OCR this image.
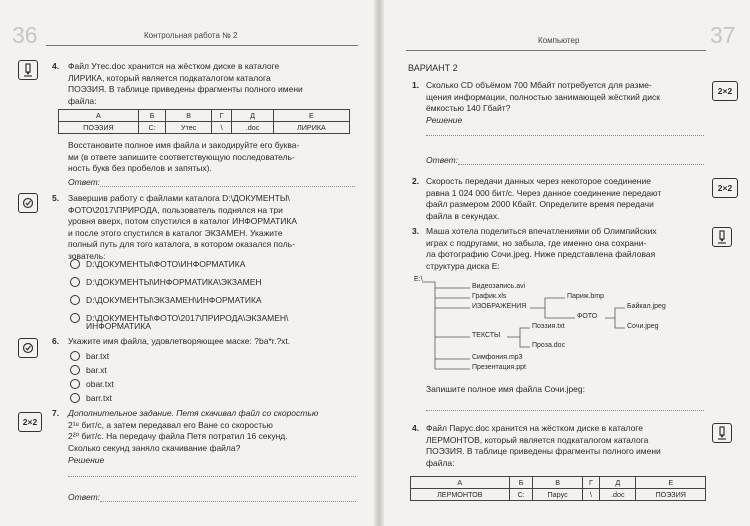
36	Контрольная работа № 2
4. Файл Утес.doc хранится на жёстком диске в каталоге
ЛИРИКА, который является подкаталогом каталога
ПОЭЗИЯ. В таблице приведены фрагменты полного имени
файла:
А	Б	В	Г	Д	Е
ПОЭЗИЯ	C:	Утес	\	.doc	ЛИРИКА
Восстановите полное имя файла и закодируйте его буква-
ми (в ответе запишите соответствующую последователь-
ность букв без пробелов и запятых).
Ответ:
5. Завершив работу с файлами каталога D:\ДОКУМЕНТЫ\
ФОТО\2017\ПРИРОДА, пользователь поднялся на три
уровня вверх, потом спустился в каталог ИНФОРМАТИКА
и после этого спустился в каталог ЭКЗАМЕН. Укажите
полный путь для того каталога, в котором оказался поль-
зователь:
D:\ДОКУМЕНТЫ\ФОТО\ИНФОРМАТИКА
D:\ДОКУМЕНТЫ\ИНФОРМАТИКА\ЭКЗАМЕН
D:\ДОКУМЕНТЫ\ЭКЗАМЕН\ИНФОРМАТИКА
D:\ДОКУМЕНТЫ\ФОТО\2017\ПРИРОДА\ЭКЗАМЕН\
ИНФОРМАТИКА
6. Укажите имя файла, удовлетворяющее маске: ?ba*r.?xt.
bar.txt
bar.xt
obar.txt
barr.txt
2×2
7. Дополнительное задание. Петя скачивал файл со скоростью
2¹⁸ бит/с, а затем передавал его Ване со скоростью
2²⁰ бит/с. На передачу файла Петя потратил 16 секунд.
Сколько секунд заняло скачивание файла?
Решение
Ответ:
37
Компьютер
ВАРИАНТ 2
1. Сколько CD объёмом 700 Мбайт потребуется для разме-
щения информации, полностью занимающей жёсткий диск
ёмкостью 140 Гбайт?
2×2
Решение
Ответ:
2. Скорость передачи данных через некоторое соединение
равна 1 024 000 бит/с. Через данное соединение передают
файл размером 2000 Кбайт. Определите время передачи
файла в секундах.
2×2
3. Маша хотела поделиться впечатлениями об Олимпийских
играх с подругами, но забыла, где именно она сохрани-
ла фотографию Сочи.jpeg. Ниже представлена файловая
структура диска E:
E:\
Видеозапись.avi
График.xls
ИЗОБРАЖЕНИЯ
Париж.bmp
ФОТО
Байкал.jpeg
Сочи.jpeg
ТЕКСТЫ
Поэзия.txt
Проза.doc
Симфония.mp3
Презентация.ppt
Запишите полное имя файла Сочи.jpeg:
4. Файл Парус.doc хранится на жёстком диске в каталоге
ЛЕРМОНТОВ, который является подкаталогом каталога
ПОЭЗИЯ. В таблице приведены фрагменты полного имени
файла:
А	Б	В	Г	Д	Е
ЛЕРМОНТОВ	C:	Парус	\	.doc	ПОЭЗИЯ
